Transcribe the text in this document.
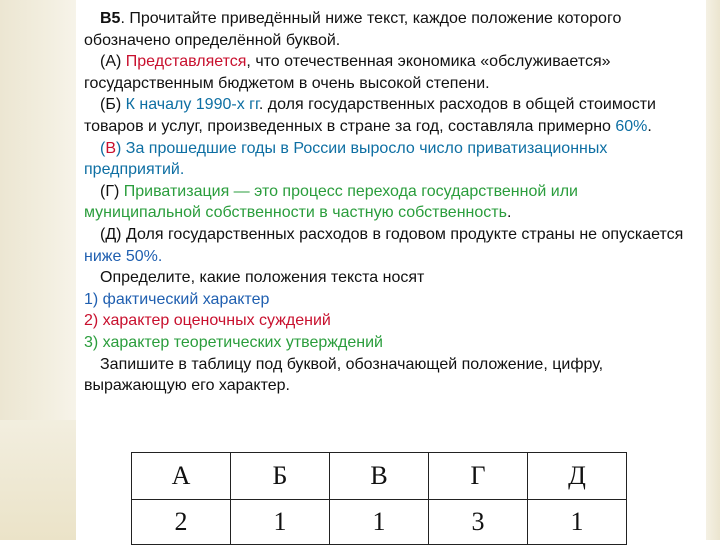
В5. Прочитайте приведённый ниже текст, каждое положение которого обозначено определённой буквой.

(А) Представляется, что отечественная экономика «обслуживается» государственным бюджетом в очень высокой степени.

(Б) К началу 1990-х гг. доля государственных расходов в общей стоимости товаров и услуг, произведенных в стране за год, составляла примерно 60%.

(В) За прошедшие годы в России выросло число приватизационных предприятий.

(Г) Приватизация — это процесс перехода государственной или муниципальной собственности в частную собственность.

(Д) Доля государственных расходов в годовом продукте страны не опускается ниже 50%.

Определите, какие положения текста носят

1) фактический характер

2) характер оценочных суждений

3) характер теоретических утверждений

Запишите в таблицу под буквой, обозначающей положение, цифру, выражающую его характер.

А	Б	В	Г	Д
2	1	1	3	1
